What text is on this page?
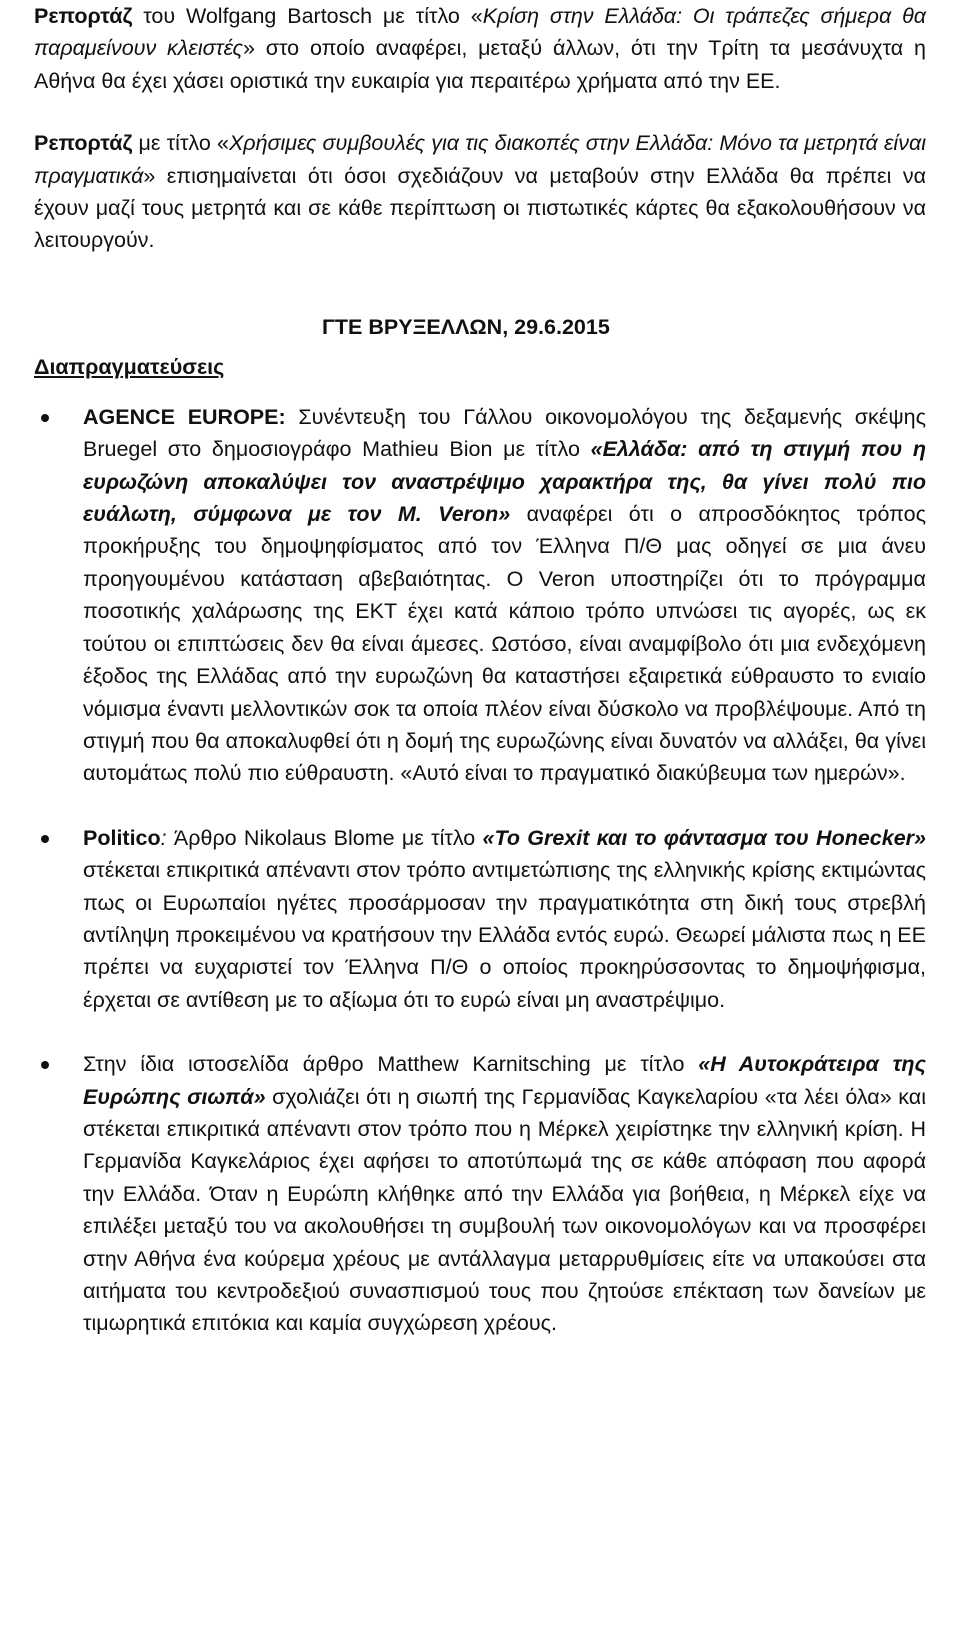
Ρεπορτάζ του Wolfgang Bartosch με τίτλο «Κρίση στην Ελλάδα: Οι τράπεζες σήμερα θα παραμείνουν κλειστές» στο οποίο αναφέρει, μεταξύ άλλων, ότι την Τρίτη τα μεσάνυχτα η Αθήνα θα έχει χάσει οριστικά την ευκαιρία για περαιτέρω χρήματα από την ΕΕ.

Ρεπορτάζ με τίτλο «Χρήσιμες συμβουλές για τις διακοπές στην Ελλάδα: Μόνο τα μετρητά είναι πραγματικά» επισημαίνεται ότι όσοι σχεδιάζουν να μεταβούν στην Ελλάδα θα πρέπει να έχουν μαζί τους μετρητά και σε κάθε περίπτωση οι πιστωτικές κάρτες θα εξακολουθήσουν να λειτουργούν.

Διαπραγματεύσεις
ΓΤΕ ΒΡΥΞΕΛΛΩΝ, 29.6.2015
AGENCE EUROPE: Συνέντευξη του Γάλλου οικονομολόγου της δεξαμενής σκέψης Bruegel στο δημοσιογράφο Mathieu Bion με τίτλο «Ελλάδα: από τη στιγμή που η ευρωζώνη αποκαλύψει τον αναστρέψιμο χαρακτήρα της, θα γίνει πολύ πιο ευάλωτη, σύμφωνα με τον M. Veron» αναφέρει ότι ο απροσδόκητος τρόπος προκήρυξης του δημοψηφίσματος από τον Έλληνα Π/Θ μας οδηγεί σε μια άνευ προηγουμένου κατάσταση αβεβαιότητας. Ο Veron υποστηρίζει ότι το πρόγραμμα ποσοτικής χαλάρωσης της ΕΚΤ έχει κατά κάποιο τρόπο υπνώσει τις αγορές, ως εκ τούτου οι επιπτώσεις δεν θα είναι άμεσες. Ωστόσο, είναι αναμφίβολο ότι μια ενδεχόμενη έξοδος της Ελλάδας από την ευρωζώνη θα καταστήσει εξαιρετικά εύθραυστο το ενιαίο νόμισμα έναντι μελλοντικών σοκ τα οποία πλέον είναι δύσκολο να προβλέψουμε. Από τη στιγμή που θα αποκαλυφθεί ότι η δομή της ευρωζώνης είναι δυνατόν να αλλάξει, θα γίνει αυτομάτως πολύ πιο εύθραυστη. «Αυτό είναι το πραγματικό διακύβευμα των ημερών».
Politico: Άρθρο Nikolaus Blome με τίτλο «Το Grexit και το φάντασμα του Honecker» στέκεται επικριτικά απέναντι στον τρόπο αντιμετώπισης της ελληνικής κρίσης εκτιμώντας πως οι Ευρωπαίοι ηγέτες προσάρμοσαν την πραγματικότητα στη δική τους στρεβλή αντίληψη προκειμένου να κρατήσουν την Ελλάδα εντός ευρώ. Θεωρεί μάλιστα πως η ΕΕ πρέπει να ευχαριστεί τον Έλληνα Π/Θ ο οποίος προκηρύσσοντας το δημοψήφισμα, έρχεται σε αντίθεση με το αξίωμα ότι το ευρώ είναι μη αναστρέψιμο.
Στην ίδια ιστοσελίδα άρθρο Matthew Karnitsching με τίτλο «Η Αυτοκράτειρα της Ευρώπης σιωπά» σχολιάζει ότι η σιωπή της Γερμανίδας Καγκελαρίου «τα λέει όλα» και στέκεται επικριτικά απέναντι στον τρόπο που η Μέρκελ χειρίστηκε την ελληνική κρίση. Η Γερμανίδα Καγκελάριος έχει αφήσει το αποτύπωμά της σε κάθε απόφαση που αφορά την Ελλάδα. Όταν η Ευρώπη κλήθηκε από την Ελλάδα για βοήθεια, η Μέρκελ είχε να επιλέξει μεταξύ του να ακολουθήσει τη συμβουλή των οικονομολόγων και να προσφέρει στην Αθήνα ένα κούρεμα χρέους με αντάλλαγμα μεταρρυθμίσεις είτε να υπακούσει στα αιτήματα του κεντροδεξιού συνασπισμού τους που ζητούσε επέκταση των δανείων με τιμωρητικά επιτόκια και καμία συγχώρεση χρέους.
